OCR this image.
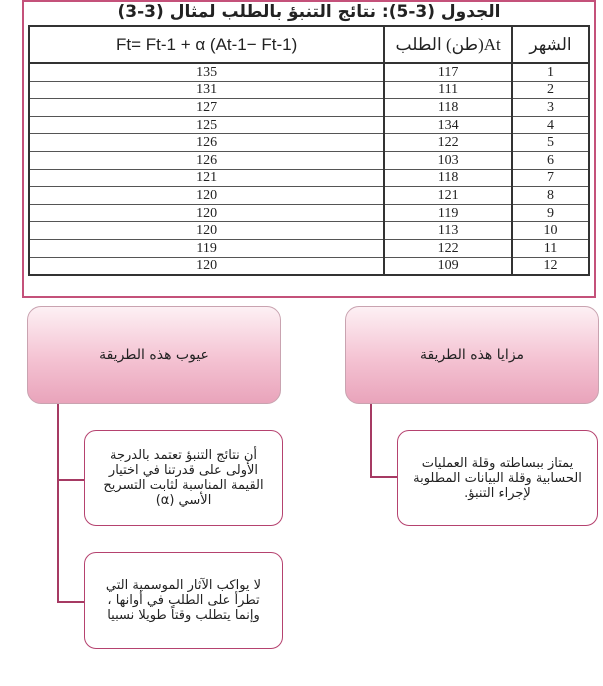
الجدول (3-5): نتائج التنبؤ بالطلب لمثال (3-3)
Ft= Ft-1 + α (At-1− Ft-1)	At(طن) الطلب	الشهر
135	117	1
131	111	2
127	118	3
125	134	4
126	122	5
126	103	6
121	118	7
120	121	8
120	119	9
120	113	10
119	122	11
120	109	12
عيوب هذه الطريقة	مزايا هذه الطريقة
أن نتائج التنبؤ تعتمد بالدرجة الأولى على قدرتنا في اختيار القيمة المناسبة لثابت التسريح الأسي (α)
لا يواكب الآثار الموسمية التي تطرأ على الطلب في أوانها ، وإنما يتطلب وقتاً طويلا نسبيا
يمتاز ببساطته وقلة العمليات الحسابية وقلة البيانات المطلوبة لإجراء التنبؤ.
